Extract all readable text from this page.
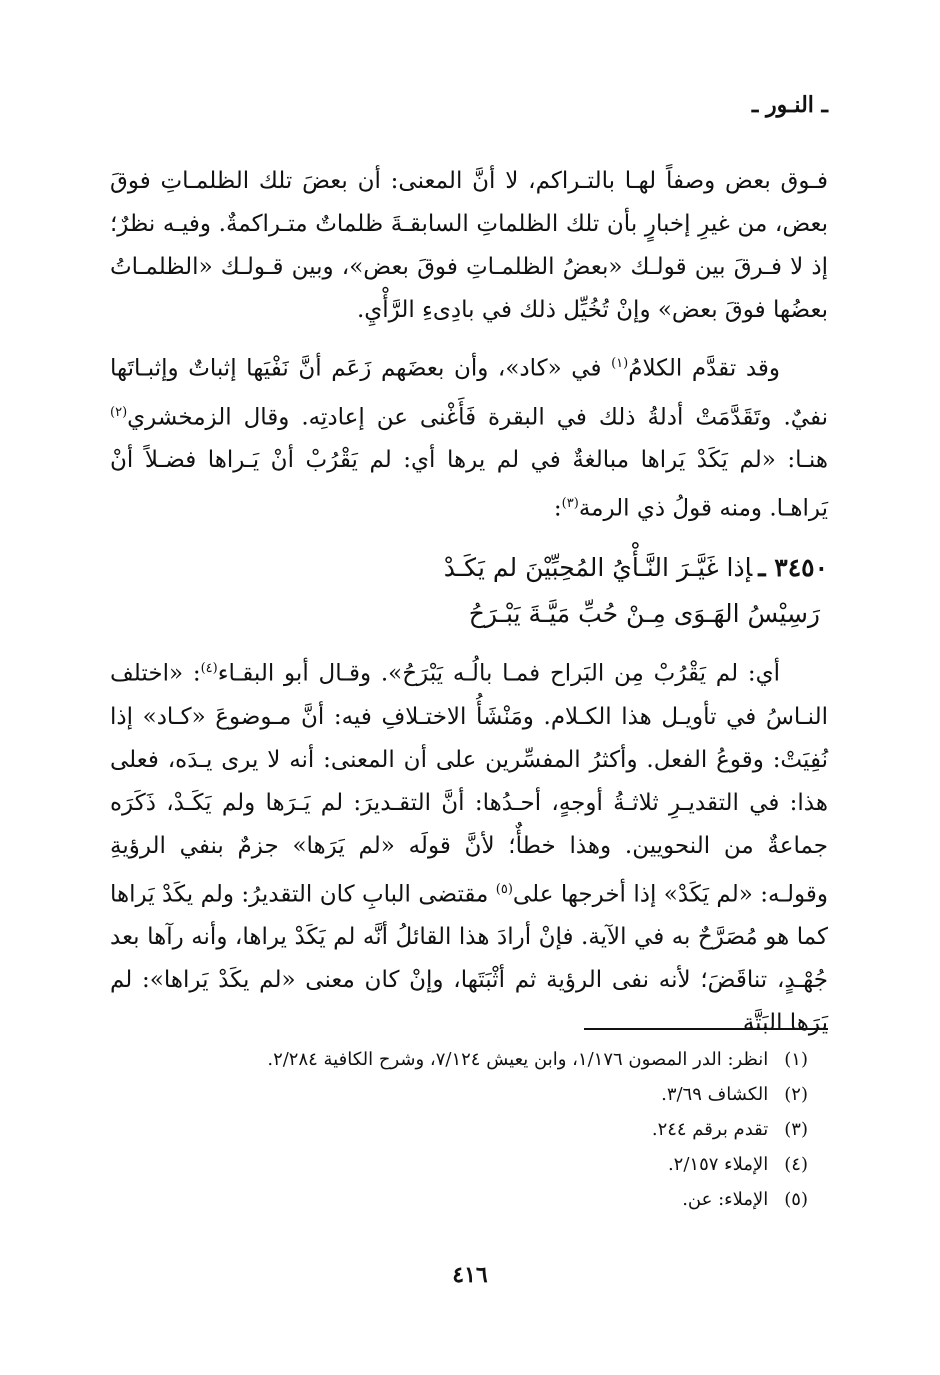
ـ النـور ـ

فـوق بعض وصفاً لهـا بالتـراكم، لا أنَّ المعنى: أن بعضَ تلك الظلمـاتِ فوقَ بعض، من غيرِ إخبارٍ بأن تلك الظلماتِ السابقـةَ ظلماتٌ متـراكمةٌ. وفيـه نظرٌ؛ إذ لا فـرقَ بين قولـك «بعضُ الظلمـاتِ فوقَ بعض»، وبين قـولـك «الظلمـاتُ بعضُها فوقَ بعض» وإنْ تُخُيِّل ذلك في بادِىءِ الرَّأْيِ.

وقد تقدَّم الكلامُ$^{(١)}$ في «كاد»، وأن بعضَهم زَعَم أنَّ نَفْيَها إثباتٌ وإثبـاتَها نفيٌ. وتَقَدَّمَتْ أدلةُ ذلك في البقرة فَأَغْنى عن إعادتِه. وقال الزمخشري$^{(٢)}$ هنـا: «لم يَكَدْ يَراها مبالغةٌ في لم يرها أي: لم يَقْرُبْ أنْ يَـراها فضـلاً أنْ يَراهـا. ومنه قولُ ذي الرمة$^{(٣)}$:

٣٤٥٠ ـإذا غَيَّـرَ النَّـأْيُ المُحِبِّيْنَ لم يَكَـدْ
رَسِيْسُ الهَـوَى مِـنْ حُبِّ مَيَّـةَ يَبْـرَحُ

أي: لم يَقْرُبْ مِن البَراح فمـا بالُـه يَبْرَحُ». وقـال أبو البقـاء$^{(٤)}$: «اختلف النـاسُ في تأويـل هذا الكـلام. ومَنْشَأُ الاختـلافِ فيه: أنَّ مـوضوعَ «كـاد» إذا نُفِيَتْ: وقوعُ الفعل. وأكثرُ المفسِّرين على أن المعنى: أنه لا يرى يـدَه، فعلى هذا: في التقديـرِ ثلاثـةُ أوجهٍ، أحـدُها: أنَّ التقـديرَ: لم يَـرَها ولم يَكَـدْ، ذَكَرَه جماعةٌ من النحويين. وهذا خطأٌ؛ لأنَّ قولَه «لم يَرَها» جزمٌ بنفي الرؤيةِ وقولـه: «لم يَكَدْ» إذا أخرجها على$^{(٥)}$ مقتضى البابِ كان التقديرُ: ولم يكَدْ يَراها كما هو مُصَرَّحٌ به في الآية. فإنْ أرادَ هذا القائلُ أنَّه لم يَكَدْ يراها، وأنه رآها بعد جُهْـدٍ، تناقَضَ؛ لأنه نفى الرؤية ثم أثْبَتَها، وإنْ كان معنى «لم يكَدْ يَراها»: لم يَرَها البَتَّة

(١) انظر: الدر المصون ١/١٧٦، وابن يعيش ٧/١٢٤، وشرح الكافية ٢/٢٨٤.
(٢) الكشاف ٣/٦٩.
(٣) تقدم برقم ٢٤٤.
(٤) الإملاء ٢/١٥٧.
(٥) الإملاء: عن.
٤١٦
